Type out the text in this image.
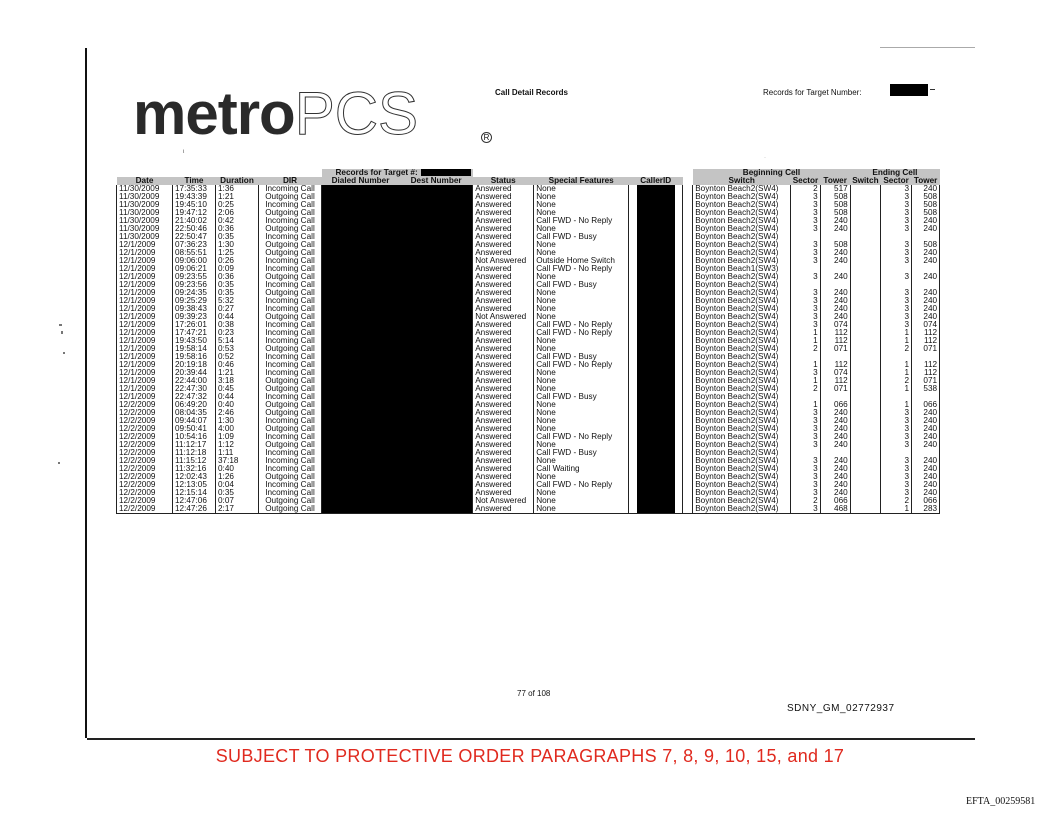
metroPCS	R
Call Detail Records	Records for Target Number:
ι
·
				Records for Target #:						Beginning Cell			Ending Cell		
Date	Time	Duration	DIR	Dialed Number	Dest Number	Status	Special Features	CallerID		Switch	Sector	Tower	Switch	Sector	Tower
11/30/2009	17:35:33	1:36	Incoming Call			Answered	None			Boynton Beach2(SW4)	2	517		3	240
11/30/2009	19:43:39	1:21	Outgoing Call			Answered	None			Boynton Beach2(SW4)	3	508		3	508
11/30/2009	19:45:10	0:25	Incoming Call			Answered	None			Boynton Beach2(SW4)	3	508		3	508
11/30/2009	19:47:12	2:06	Outgoing Call			Answered	None			Boynton Beach2(SW4)	3	508		3	508
11/30/2009	21:40:02	0:42	Incoming Call			Answered	Call FWD - No Reply			Boynton Beach2(SW4)	3	240		3	240
11/30/2009	22:50:46	0:36	Outgoing Call			Answered	None			Boynton Beach2(SW4)	3	240		3	240
11/30/2009	22:50:47	0:35	Incoming Call			Answered	Call FWD - Busy			Boynton Beach2(SW4)					
12/1/2009	07:36:23	1:30	Outgoing Call			Answered	None			Boynton Beach2(SW4)	3	508		3	508
12/1/2009	08:55:51	1:25	Outgoing Call			Answered	None			Boynton Beach2(SW4)	3	240		3	240
12/1/2009	09:06:00	0:26	Incoming Call			Not Answered	Outside Home Switch			Boynton Beach2(SW4)	3	240		3	240
12/1/2009	09:06:21	0:09	Incoming Call			Answered	Call FWD - No Reply			Boynton Beach1(SW3)					
12/1/2009	09:23:55	0:36	Outgoing Call			Answered	None			Boynton Beach2(SW4)	3	240		3	240
12/1/2009	09:23:56	0:35	Incoming Call			Answered	Call FWD - Busy			Boynton Beach2(SW4)					
12/1/2009	09:24:35	0:35	Outgoing Call			Answered	None			Boynton Beach2(SW4)	3	240		3	240
12/1/2009	09:25:29	5:32	Incoming Call			Answered	None			Boynton Beach2(SW4)	3	240		3	240
12/1/2009	09:38:43	0:27	Incoming Call			Answered	None			Boynton Beach2(SW4)	3	240		3	240
12/1/2009	09:39:23	0:44	Outgoing Call			Not Answered	None			Boynton Beach2(SW4)	3	240		3	240
12/1/2009	17:26:01	0:38	Incoming Call			Answered	Call FWD - No Reply			Boynton Beach2(SW4)	3	074		3	074
12/1/2009	17:47:21	0:23	Incoming Call			Answered	Call FWD - No Reply			Boynton Beach2(SW4)	1	112		1	112
12/1/2009	19:43:50	5:14	Incoming Call			Answered	None			Boynton Beach2(SW4)	1	112		1	112
12/1/2009	19:58:14	0:53	Outgoing Call			Answered	None			Boynton Beach2(SW4)	2	071		2	071
12/1/2009	19:58:16	0:52	Incoming Call			Answered	Call FWD - Busy			Boynton Beach2(SW4)					
12/1/2009	20:19:18	0:46	Incoming Call			Answered	Call FWD - No Reply			Boynton Beach2(SW4)	1	112		1	112
12/1/2009	20:39:44	1:21	Incoming Call			Answered	None			Boynton Beach2(SW4)	3	074		1	112
12/1/2009	22:44:00	3:18	Outgoing Call			Answered	None			Boynton Beach2(SW4)	1	112		2	071
12/1/2009	22:47:30	0:45	Outgoing Call			Answered	None			Boynton Beach2(SW4)	2	071		1	538
12/1/2009	22:47:32	0:44	Incoming Call			Answered	Call FWD - Busy			Boynton Beach2(SW4)					
12/2/2009	06:49:20	0:40	Outgoing Call			Answered	None			Boynton Beach2(SW4)	1	066		1	066
12/2/2009	08:04:35	2:46	Outgoing Call			Answered	None			Boynton Beach2(SW4)	3	240		3	240
12/2/2009	09:44:07	1:30	Incoming Call			Answered	None			Boynton Beach2(SW4)	3	240		3	240
12/2/2009	09:50:41	4:00	Outgoing Call			Answered	None			Boynton Beach2(SW4)	3	240		3	240
12/2/2009	10:54:16	1:09	Incoming Call			Answered	Call FWD - No Reply			Boynton Beach2(SW4)	3	240		3	240
12/2/2009	11:12:17	1:12	Outgoing Call			Answered	None			Boynton Beach2(SW4)	3	240		3	240
12/2/2009	11:12:18	1:11	Incoming Call			Answered	Call FWD - Busy			Boynton Beach2(SW4)					
12/2/2009	11:15:12	37:18	Incoming Call			Answered	None			Boynton Beach2(SW4)	3	240		3	240
12/2/2009	11:32:16	0:40	Incoming Call			Answered	Call Waiting			Boynton Beach2(SW4)	3	240		3	240
12/2/2009	12:02:43	1:26	Outgoing Call			Answered	None			Boynton Beach2(SW4)	3	240		3	240
12/2/2009	12:13:05	0:04	Incoming Call			Answered	Call FWD - No Reply			Boynton Beach2(SW4)	3	240		3	240
12/2/2009	12:15:14	0:35	Incoming Call			Answered	None			Boynton Beach2(SW4)	3	240		3	240
12/2/2009	12:47:06	0:07	Outgoing Call			Not Answered	None			Boynton Beach2(SW4)	2	066		2	066
12/2/2009	12:47:26	2:17	Outgoing Call			Answered	None			Boynton Beach2(SW4)	3	468		1	283
77 of 108
SDNY_GM_02772937
SUBJECT TO PROTECTIVE ORDER PARAGRAPHS 7, 8, 9, 10, 15, and 17
EFTA_00259581
